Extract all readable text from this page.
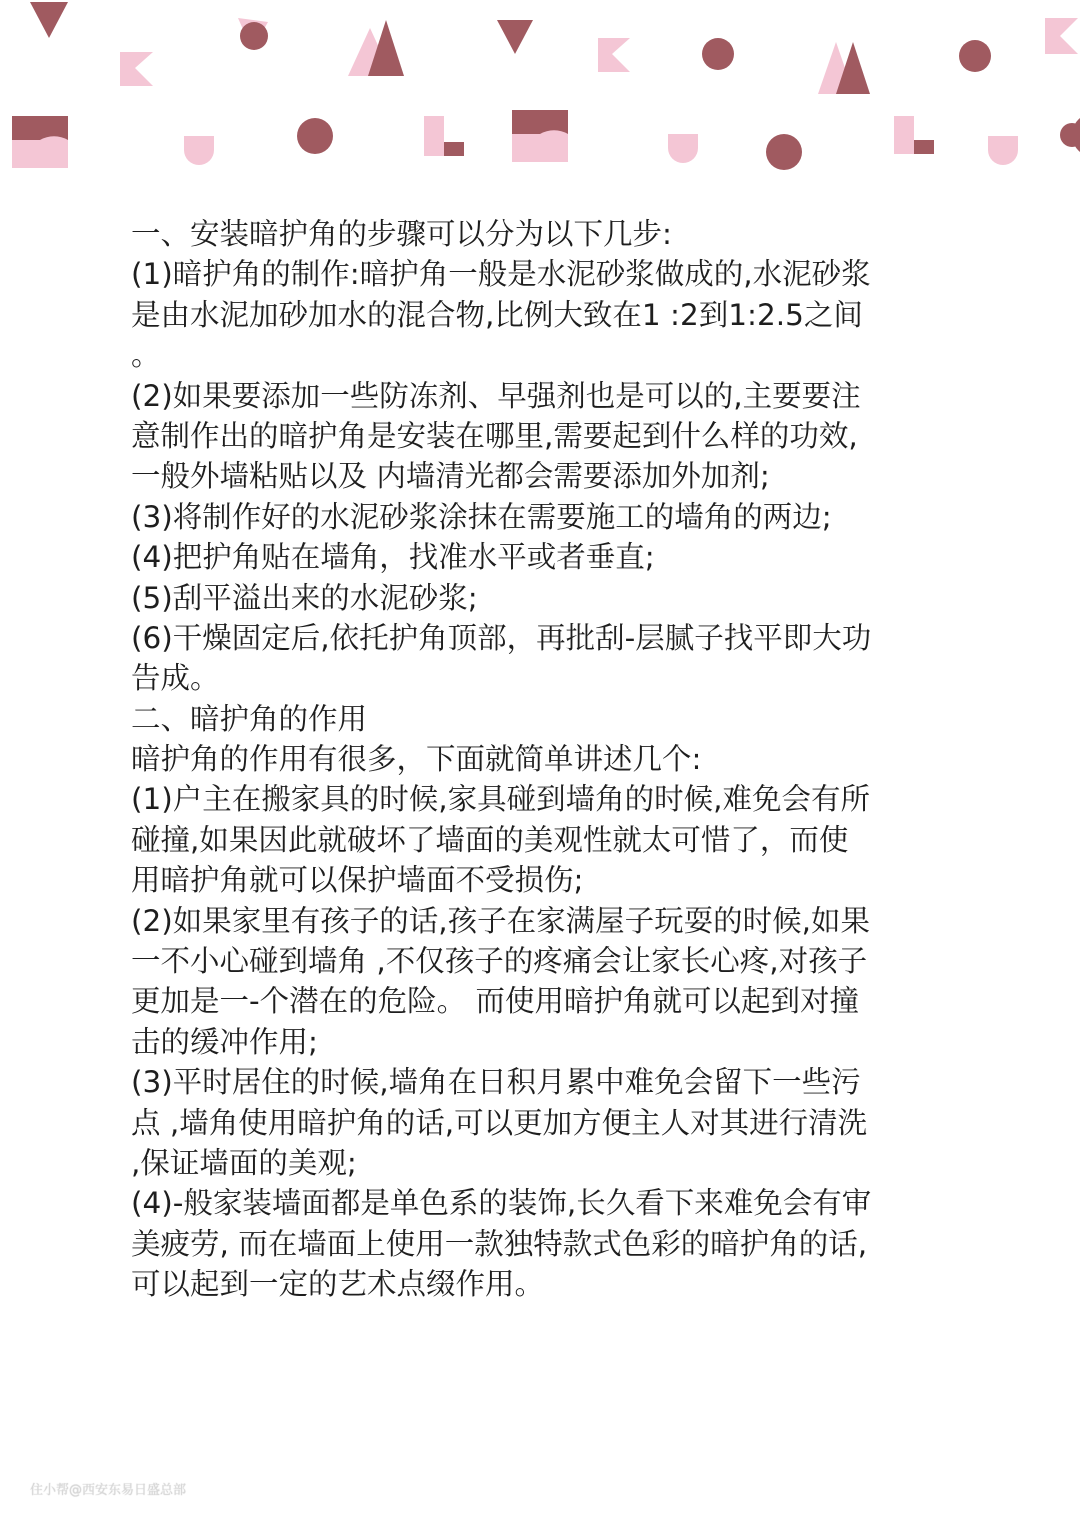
一、安装暗护角的步骤可以分为以下几步:
(1)暗护角的制作:暗护角一般是水泥砂浆做成的,水泥砂浆
是由水泥加砂加水的混合物,比例大致在1 :2到1:2.5之间
。
(2)如果要添加一些防冻剂、早强剂也是可以的,主要要注
意制作出的暗护角是安装在哪里,需要起到什么样的功效,
一般外墙粘贴以及 内墙清光都会需要添加外加剂;
(3)将制作好的水泥砂浆涂抹在需要施工的墙角的两边;
(4)把护角贴在墙角，找准水平或者垂直;
(5)刮平溢出来的水泥砂浆;
(6)干燥固定后,依托护角顶部，再批刮-层腻子找平即大功
告成。
二、暗护角的作用
暗护角的作用有很多，下面就简单讲述几个:
(1)户主在搬家具的时候,家具碰到墙角的时候,难免会有所
碰撞,如果因此就破坏了墙面的美观性就太可惜了，而使
用暗护角就可以保护墙面不受损伤;
(2)如果家里有孩子的话,孩子在家满屋子玩耍的时候,如果
一不小心碰到墙角 ,不仅孩子的疼痛会让家长心疼,对孩子
更加是一-个潜在的危险。 而使用暗护角就可以起到对撞
击的缓冲作用;
(3)平时居住的时候,墙角在日积月累中难免会留下一些污
点 ,墙角使用暗护角的话,可以更加方便主人对其进行清洗
,保证墙面的美观;
(4)-般家装墙面都是单色系的装饰,长久看下来难免会有审
美疲劳, 而在墙面上使用一款独特款式色彩的暗护角的话,
可以起到一定的艺术点缀作用。
住小帮@西安东易日盛总部
